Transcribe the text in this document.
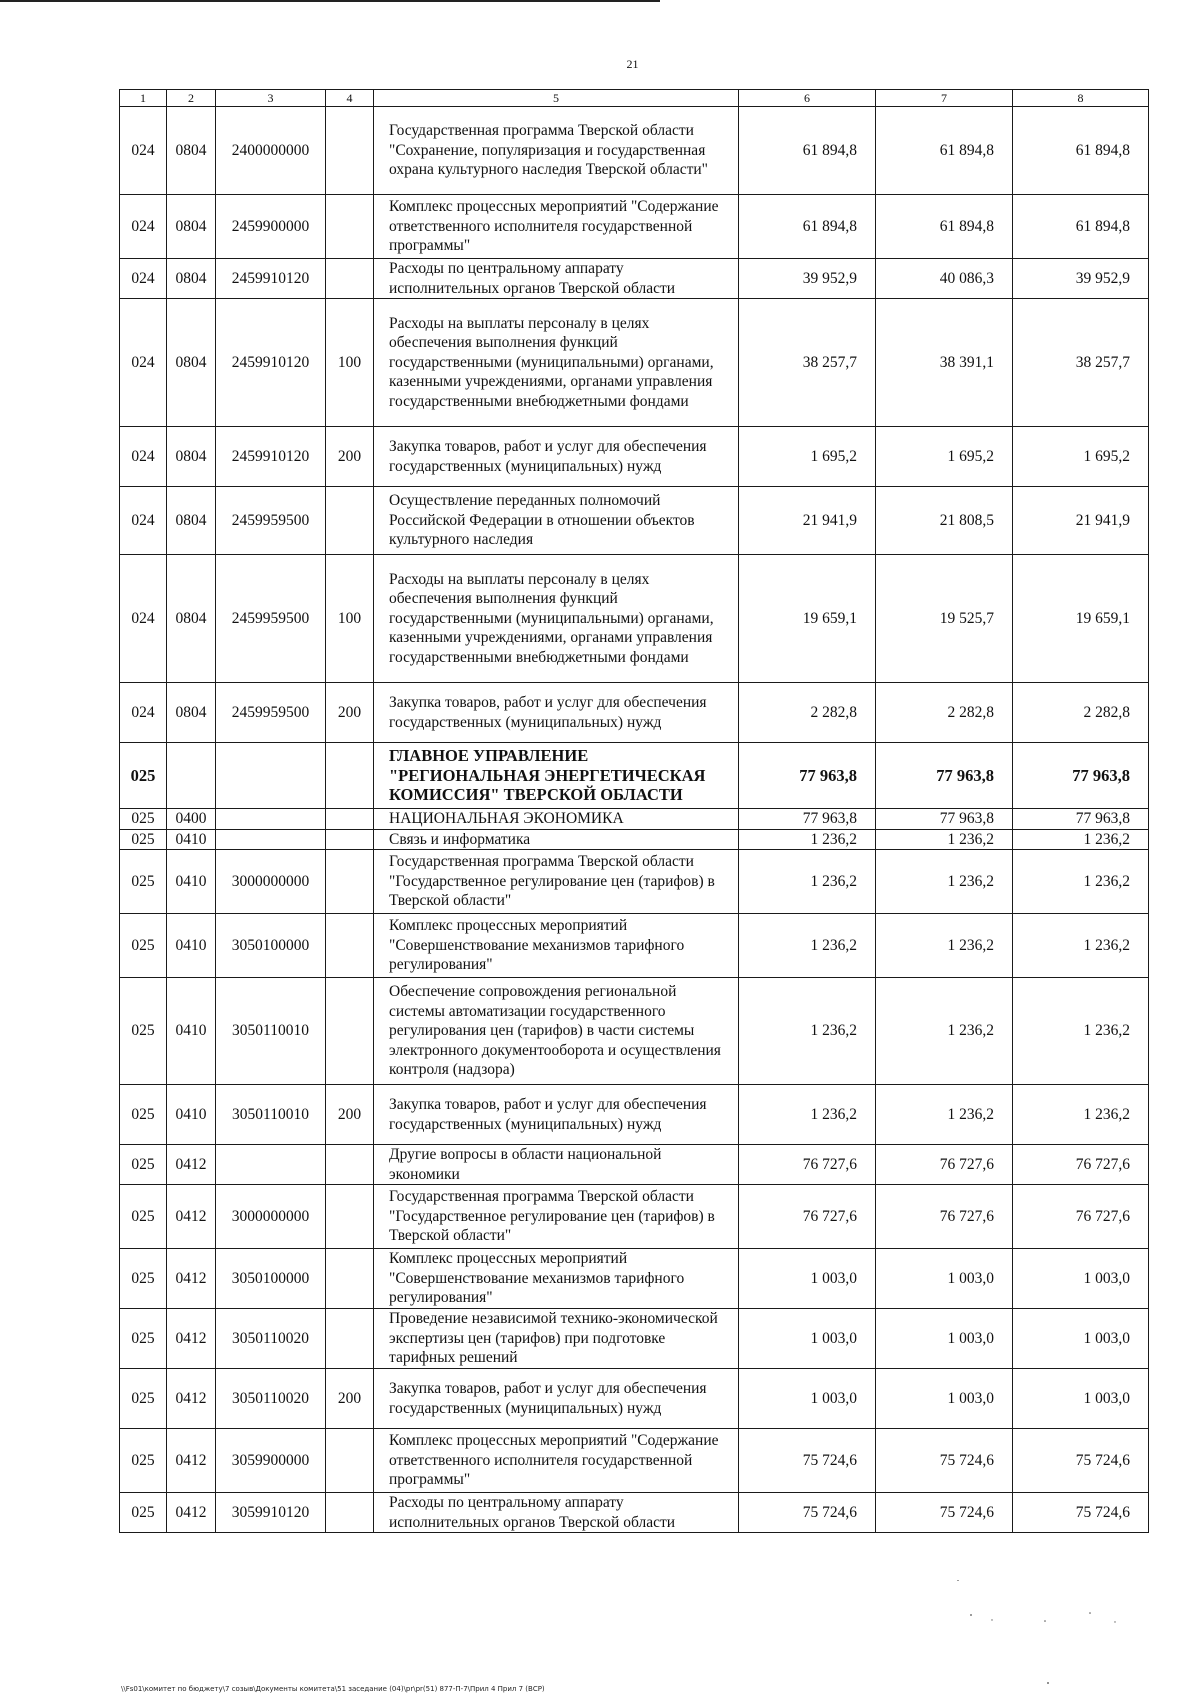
21
1	2	3	4	5	6	7	8
024	0804	2400000000		Государственная программа Тверской области "Сохранение, популяризация и государственная охрана культурного наследия Тверской области"	61 894,8	61 894,8	61 894,8
024	0804	2459900000		Комплекс процессных мероприятий "Содержание ответственного исполнителя государственной программы"	61 894,8	61 894,8	61 894,8
024	0804	2459910120		Расходы по центральному аппарату исполнительных органов Тверской области	39 952,9	40 086,3	39 952,9
024	0804	2459910120	100	Расходы на выплаты персоналу в целях обеспечения выполнения функций государственными (муниципальными) органами, казенными учреждениями, органами управления государственными внебюджетными фондами	38 257,7	38 391,1	38 257,7
024	0804	2459910120	200	Закупка товаров, работ и услуг для обеспечения государственных (муниципальных) нужд	1 695,2	1 695,2	1 695,2
024	0804	2459959500		Осуществление переданных полномочий Российской Федерации в отношении объектов культурного наследия	21 941,9	21 808,5	21 941,9
024	0804	2459959500	100	Расходы на выплаты персоналу в целях обеспечения выполнения функций государственными (муниципальными) органами, казенными учреждениями, органами управления государственными внебюджетными фондами	19 659,1	19 525,7	19 659,1
024	0804	2459959500	200	Закупка товаров, работ и услуг для обеспечения государственных (муниципальных) нужд	2 282,8	2 282,8	2 282,8
025				ГЛАВНОЕ УПРАВЛЕНИЕ "РЕГИОНАЛЬНАЯ ЭНЕРГЕТИЧЕСКАЯ КОМИССИЯ" ТВЕРСКОЙ ОБЛАСТИ	77 963,8	77 963,8	77 963,8
025	0400			НАЦИОНАЛЬНАЯ ЭКОНОМИКА	77 963,8	77 963,8	77 963,8
025	0410			Связь и информатика	1 236,2	1 236,2	1 236,2
025	0410	3000000000		Государственная программа Тверской области "Государственное регулирование цен (тарифов) в Тверской области"	1 236,2	1 236,2	1 236,2
025	0410	3050100000		Комплекс процессных мероприятий "Совершенствование механизмов тарифного регулирования"	1 236,2	1 236,2	1 236,2
025	0410	3050110010		Обеспечение сопровождения региональной системы автоматизации государственного регулирования цен (тарифов) в части системы электронного документооборота и осуществления контроля (надзора)	1 236,2	1 236,2	1 236,2
025	0410	3050110010	200	Закупка товаров, работ и услуг для обеспечения государственных (муниципальных) нужд	1 236,2	1 236,2	1 236,2
025	0412			Другие вопросы в области национальной экономики	76 727,6	76 727,6	76 727,6
025	0412	3000000000		Государственная программа Тверской области "Государственное регулирование цен (тарифов) в Тверской области"	76 727,6	76 727,6	76 727,6
025	0412	3050100000		Комплекс процессных мероприятий "Совершенствование механизмов тарифного регулирования"	1 003,0	1 003,0	1 003,0
025	0412	3050110020		Проведение независимой технико-экономической экспертизы цен (тарифов) при подготовке тарифных решений	1 003,0	1 003,0	1 003,0
025	0412	3050110020	200	Закупка товаров, работ и услуг для обеспечения государственных (муниципальных) нужд	1 003,0	1 003,0	1 003,0
025	0412	3059900000		Комплекс процессных мероприятий "Содержание ответственного исполнителя государственной программы"	75 724,6	75 724,6	75 724,6
025	0412	3059910120		Расходы по центральному аппарату исполнительных органов Тверской области	75 724,6	75 724,6	75 724,6
\\Fs01\комитет по бюджету\7 созыв\Документы комитета\51 заседание (04)\pr\pr(51) 877-П-7\Прил 4 Прил 7 (ВСР)
